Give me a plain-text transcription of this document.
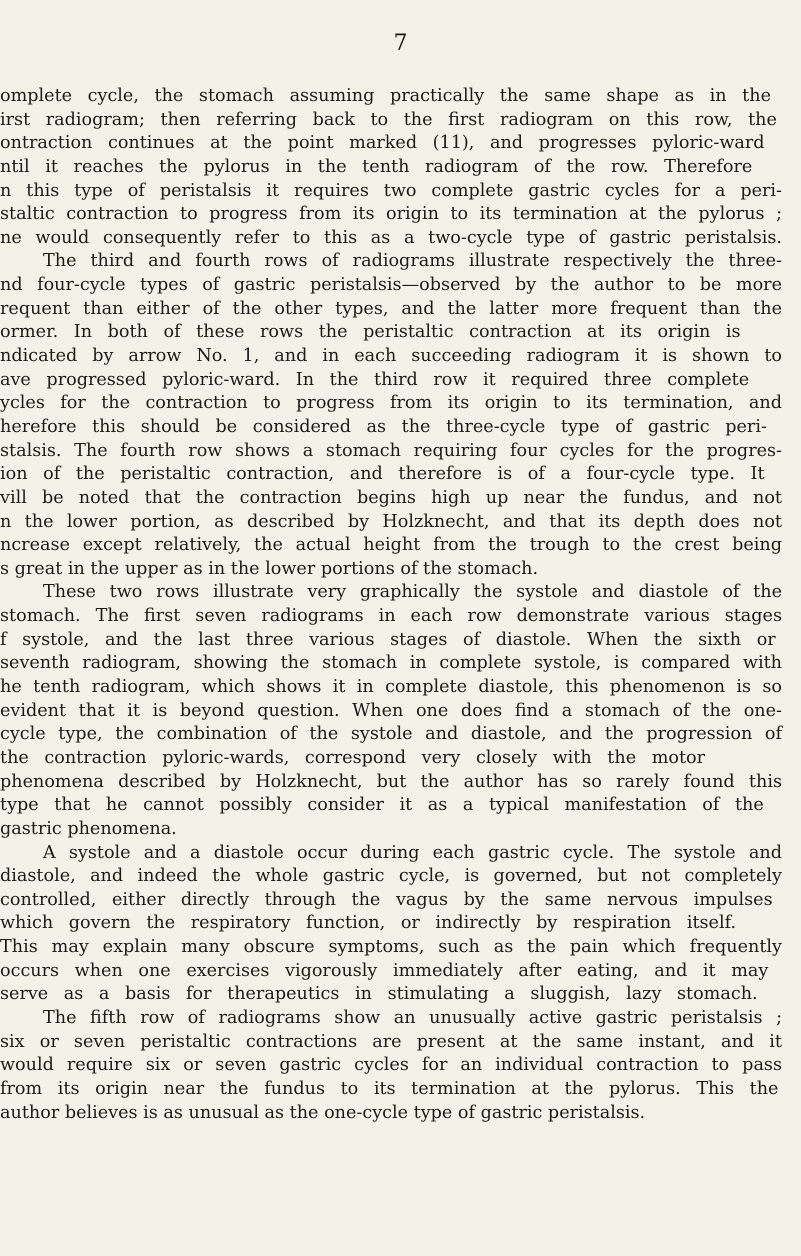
7
omplete cycle, the stomach assuming practically the same shape as in the
irst radiogram; then referring back to the first radiogram on this row, the
ontraction continues at the point marked (11), and progresses pyloric-ward
ntil it reaches the pylorus in the tenth radiogram of the row. Therefore
n this type of peristalsis it requires two complete gastric cycles for a peri-
staltic contraction to progress from its origin to its termination at the pylorus ;
ne would consequently refer to this as a two-cycle type of gastric peristalsis.
The third and fourth rows of radiograms illustrate respectively the three-
nd four-cycle types of gastric peristalsis—observed by the author to be more
requent than either of the other types, and the latter more frequent than the
ormer. In both of these rows the peristaltic contraction at its origin is
ndicated by arrow No. 1, and in each succeeding radiogram it is shown to
ave progressed pyloric-ward. In the third row it required three complete
ycles for the contraction to progress from its origin to its termination, and
herefore this should be considered as the three-cycle type of gastric peri-
stalsis. The fourth row shows a stomach requiring four cycles for the progres-
ion of the peristaltic contraction, and therefore is of a four-cycle type. It
vill be noted that the contraction begins high up near the fundus, and not
n the lower portion, as described by Holzknecht, and that its depth does not
ncrease except relatively, the actual height from the trough to the crest being
s great in the upper as in the lower portions of the stomach.
These two rows illustrate very graphically the systole and diastole of the
stomach. The first seven radiograms in each row demonstrate various stages
f systole, and the last three various stages of diastole. When the sixth or
seventh radiogram, showing the stomach in complete systole, is compared with
he tenth radiogram, which shows it in complete diastole, this phenomenon is so
evident that it is beyond question. When one does find a stomach of the one-
cycle type, the combination of the systole and diastole, and the progression of
the contraction pyloric-wards, correspond very closely with the motor
phenomena described by Holzknecht, but the author has so rarely found this
type that he cannot possibly consider it as a typical manifestation of the
gastric phenomena.
A systole and a diastole occur during each gastric cycle. The systole and
diastole, and indeed the whole gastric cycle, is governed, but not completely
controlled, either directly through the vagus by the same nervous impulses
which govern the respiratory function, or indirectly by respiration itself.
This may explain many obscure symptoms, such as the pain which frequently
occurs when one exercises vigorously immediately after eating, and it may
serve as a basis for therapeutics in stimulating a sluggish, lazy stomach.
The fifth row of radiograms show an unusually active gastric peristalsis ;
six or seven peristaltic contractions are present at the same instant, and it
would require six or seven gastric cycles for an individual contraction to pass
from its origin near the fundus to its termination at the pylorus. This the
author believes is as unusual as the one-cycle type of gastric peristalsis.
